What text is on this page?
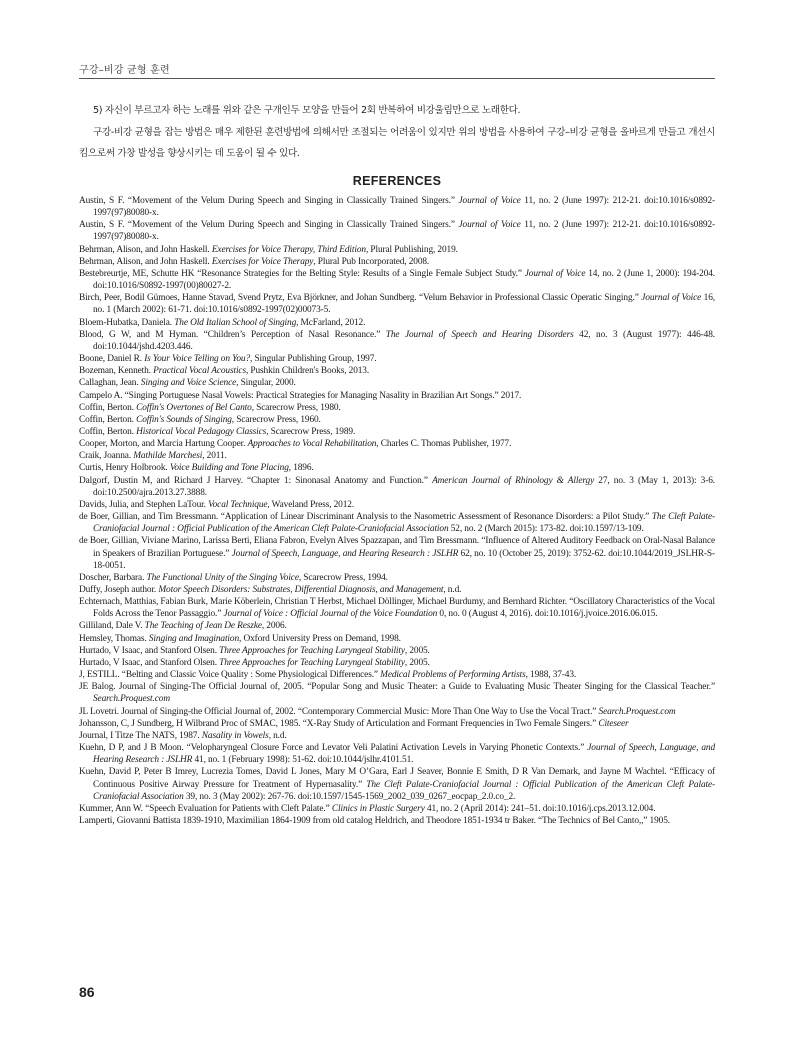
구강–비강 균형 훈련

5) 자신이 부르고자 하는 노래를 위와 같은 구개인두 모양을 만들어 2회 반복하여 비강울림만으로 노래한다.

구강-비강 균형을 잡는 방법은 매우 제한된 훈련방법에 의해서만 조절되는 어려움이 있지만 위의 방법을 사용하여 구강–비강 균형을 올바르게 만들고 개선시킴으로써 가창 발성을 향상시키는 데 도움이 될 수 있다.

REFERENCES
Austin, S F. “Movement of the Velum During Speech and Singing in Classically Trained Singers.” Journal of Voice 11, no. 2 (June 1997): 212-21. doi:10.1016/s0892-1997(97)80080-x.
Austin, S F. “Movement of the Velum During Speech and Singing in Classically Trained Singers.” Journal of Voice 11, no. 2 (June 1997): 212-21. doi:10.1016/s0892-1997(97)80080-x.
Behrman, Alison, and John Haskell. Exercises for Voice Therapy, Third Edition, Plural Publishing, 2019.
Behrman, Alison, and John Haskell. Exercises for Voice Therapy, Plural Pub Incorporated, 2008.
Bestebreurtje, ME, Schutte HK “Resonance Strategies for the Belting Style: Results of a Single Female Subject Study.” Journal of Voice 14, no. 2 (June 1, 2000): 194-204. doi:10.1016/S0892-1997(00)80027-2.
Birch, Peer, Bodil Gümoes, Hanne Stavad, Svend Prytz, Eva Björkner, and Johan Sundberg. “Velum Behavior in Professional Classic Operatic Singing.” Journal of Voice 16, no. 1 (March 2002): 61-71. doi:10.1016/s0892-1997(02)00073-5.
Bloem-Hubatka, Daniela. The Old Italian School of Singing, McFarland, 2012.
Blood, G W, and M Hyman. “Children’s Perception of Nasal Resonance.” The Journal of Speech and Hearing Disorders 42, no. 3 (August 1977): 446-48. doi:10.1044/jshd.4203.446.
Boone, Daniel R. Is Your Voice Telling on You?, Singular Publishing Group, 1997.
Bozeman, Kenneth. Practical Vocal Acoustics, Pushkin Children's Books, 2013.
Callaghan, Jean. Singing and Voice Science, Singular, 2000.
Campelo A. “Singing Portuguese Nasal Vowels: Practical Strategies for Managing Nasality in Brazilian Art Songs.” 2017.
Coffin, Berton. Coffin's Overtones of Bel Canto, Scarecrow Press, 1980.
Coffin, Berton. Coffin's Sounds of Singing, Scarecrow Press, 1960.
Coffin, Berton. Historical Vocal Pedagogy Classics, Scarecrow Press, 1989.
Cooper, Morton, and Marcia Hartung Cooper. Approaches to Vocal Rehabilitation, Charles C. Thomas Publisher, 1977.
Craik, Joanna. Mathilde Marchesi, 2011.
Curtis, Henry Holbrook. Voice Building and Tone Placing, 1896.
Dalgorf, Dustin M, and Richard J Harvey. “Chapter 1: Sinonasal Anatomy and Function.” American Journal of Rhinology & Allergy 27, no. 3 (May 1, 2013): 3-6. doi:10.2500/ajra.2013.27.3888.
Davids, Julia, and Stephen LaTour. Vocal Technique, Waveland Press, 2012.
de Boer, Gillian, and Tim Bressmann. “Application of Linear Discriminant Analysis to the Nasometric Assessment of Resonance Disorders: a Pilot Study.” The Cleft Palate-Craniofacial Journal : Official Publication of the American Cleft Palate-Craniofacial Association 52, no. 2 (March 2015): 173-82. doi:10.1597/13-109.
de Boer, Gillian, Viviane Marino, Larissa Berti, Eliana Fabron, Evelyn Alves Spazzapan, and Tim Bressmann. “Influence of Altered Auditory Feedback on Oral-Nasal Balance in Speakers of Brazilian Portuguese.” Journal of Speech, Language, and Hearing Research : JSLHR 62, no. 10 (October 25, 2019): 3752-62. doi:10.1044/2019_JSLHR-S-18-0051.
Doscher, Barbara. The Functional Unity of the Singing Voice, Scarecrow Press, 1994.
Duffy, Joseph author. Motor Speech Disorders: Substrates, Differential Diagnosis, and Management, n.d.
Echternach, Matthias, Fabian Burk, Marie Köberlein, Christian T Herbst, Michael Döllinger, Michael Burdumy, and Bernhard Richter. “Oscillatory Characteristics of the Vocal Folds Across the Tenor Passaggio.” Journal of Voice : Official Journal of the Voice Foundation 0, no. 0 (August 4, 2016). doi:10.1016/j.jvoice.2016.06.015.
Gilliland, Dale V. The Teaching of Jean De Reszke, 2006.
Hemsley, Thomas. Singing and Imagination, Oxford University Press on Demand, 1998.
Hurtado, V Isaac, and Stanford Olsen. Three Approaches for Teaching Laryngeal Stability, 2005.
Hurtado, V Isaac, and Stanford Olsen. Three Approaches for Teaching Laryngeal Stability, 2005.
J, ESTILL. “Belting and Classic Voice Quality : Some Physiological Differences.” Medical Problems of Performing Artists, 1988, 37-43.
JE Balog. Journal of Singing-The Official Journal of, 2005. “Popular Song and Music Theater: a Guide to Evaluating Music Theater Singing for the Classical Teacher.” Search.Proquest.com
JL Lovetri. Journal of Singing-the Official Journal of, 2002. “Contemporary Commercial Music: More Than One Way to Use the Vocal Tract.” Search.Proquest.com
Johansson, C, J Sundberg, H Wilbrand Proc of SMAC, 1985. “X-Ray Study of Articulation and Formant Frequencies in Two Female Singers.” Citeseer
Journal, I Titze The NATS, 1987. Nasality in Vowels, n.d.
Kuehn, D P, and J B Moon. “Velopharyngeal Closure Force and Levator Veli Palatini Activation Levels in Varying Phonetic Contexts.” Journal of Speech, Language, and Hearing Research : JSLHR 41, no. 1 (February 1998): 51-62. doi:10.1044/jslhr.4101.51.
Kuehn, David P, Peter B Imrey, Lucrezia Tomes, David L Jones, Mary M O’Gara, Earl J Seaver, Bonnie E Smith, D R Van Demark, and Jayne M Wachtel. “Efficacy of Continuous Positive Airway Pressure for Treatment of Hypernasality.” The Cleft Palate-Craniofacial Journal : Official Publication of the American Cleft Palate-Craniofacial Association 39, no. 3 (May 2002): 267-76. doi:10.1597/1545-1569_2002_039_0267_eocpap_2.0.co_2.
Kummer, Ann W. “Speech Evaluation for Patients with Cleft Palate.” Clinics in Plastic Surgery 41, no. 2 (April 2014): 241–51. doi:10.1016/j.cps.2013.12.004.
Lamperti, Giovanni Battista 1839-1910, Maximilian 1864-1909 from old catalog Heldrich, and Theodore 1851-1934 tr Baker. “The Technics of Bel Canto,,” 1905.
86
